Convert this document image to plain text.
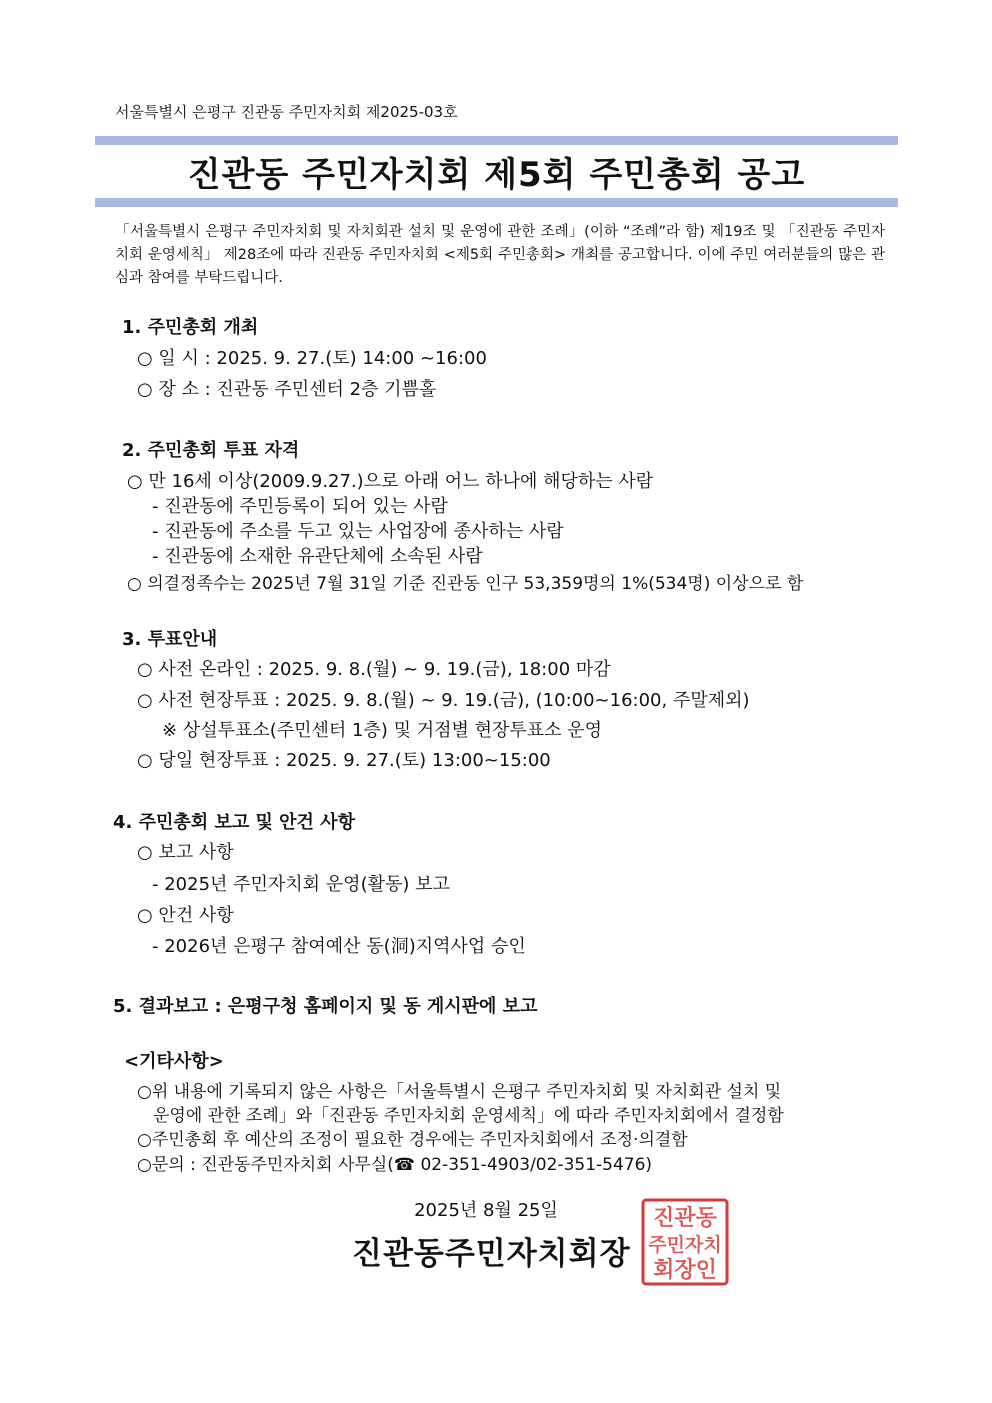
서울특별시 은평구 진관동 주민자치회 제2025-03호
진관동 주민자치회 제5회 주민총회 공고
「서울특별시 은평구 주민자치회 및 자치회관 설치 및 운영에 관한 조례」(이하 “조례”라 함) 제19조 및 「진관동 주민자치회 운영세칙」 제28조에 따라 진관동 주민자치회 <제5회 주민총회> 개최를 공고합니다. 이에 주민 여러분들의 많은 관심과 참여를 부탁드립니다.
1. 주민총회 개최
○ 일 시 : 2025. 9. 27.(토) 14:00 ~16:00
○ 장 소 : 진관동 주민센터 2층 기쁨홀
2. 주민총회 투표 자격
○ 만 16세 이상(2009.9.27.)으로 아래 어느 하나에 해당하는 사람
- 진관동에 주민등록이 되어 있는 사람
- 진관동에 주소를 두고 있는 사업장에 종사하는 사람
- 진관동에 소재한 유관단체에 소속된 사람
○ 의결정족수는 2025년 7월 31일 기준 진관동 인구 53,359명의 1%(534명) 이상으로 함
3. 투표안내
○ 사전 온라인 : 2025. 9. 8.(월) ~ 9. 19.(금), 18:00 마감
○ 사전 현장투표 : 2025. 9. 8.(월) ~ 9. 19.(금), (10:00~16:00, 주말제외)
※ 상설투표소(주민센터 1층) 및 거점별 현장투표소 운영
○ 당일 현장투표 : 2025. 9. 27.(토) 13:00~15:00
4. 주민총회 보고 및 안건 사항
○ 보고 사항
- 2025년 주민자치회 운영(활동) 보고
○ 안건 사항
- 2026년 은평구 참여예산 동(洞)지역사업 승인
5. 결과보고 : 은평구청 홈페이지 및 동 게시판에 보고
<기타사항>
○위 내용에 기록되지 않은 사항은「서울특별시 은평구 주민자치회 및 자치회관 설치 및
운영에 관한 조례」와「진관동 주민자치회 운영세칙」에 따라 주민자치회에서 결정함
○주민총회 후 예산의 조정이 필요한 경우에는 주민자치회에서 조정·의결함
○문의 : 진관동주민자치회 사무실(☎ 02-351-4903/02-351-5476)
2025년 8월 25일
진관동주민자치회장
진관동
주민자치
회장인
